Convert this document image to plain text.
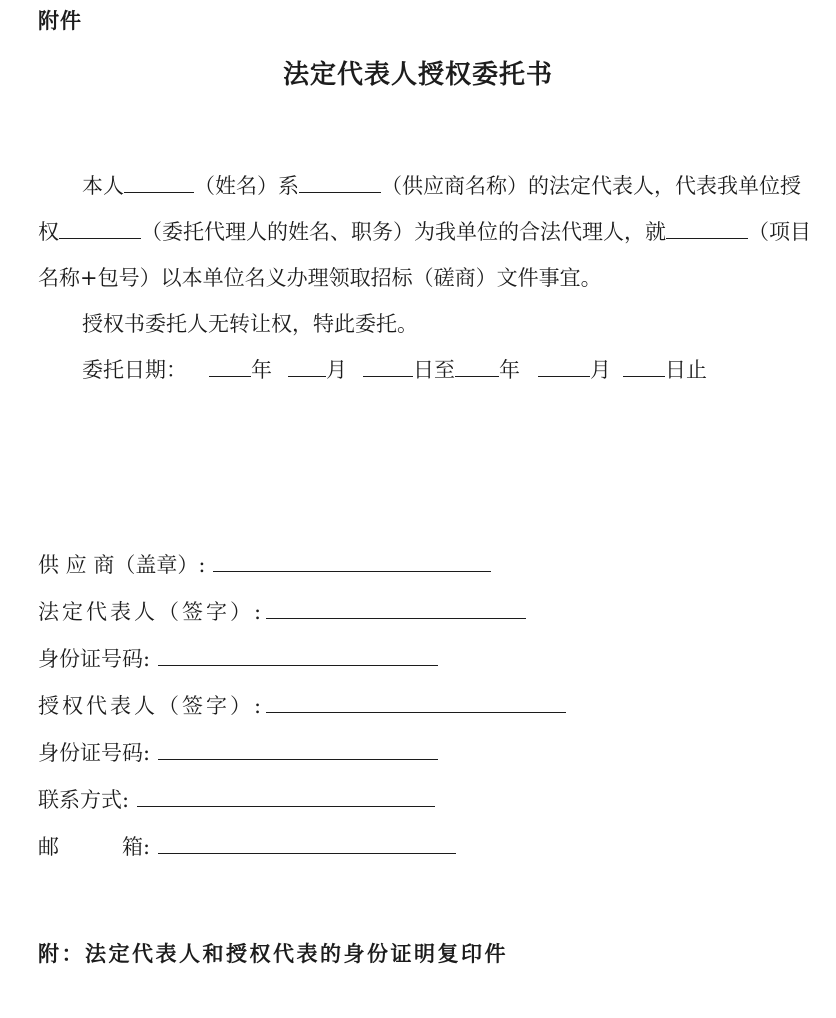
附件
法定代表人授权委托书
本人	（姓名）系	（供应商名称）的法定代表人，代表我单位授
权	（委托代理人的姓名、职务）为我单位的合法代理人，就	（项目
名称+包号）以本单位名义办理领取招标（磋商）文件事宜。
授权书委托人无转让权，特此委托。
委托日期：	年	月	日至 年	月	日止
供 应 商（盖章）:
法定代表人（签字）:
身份证号码:
授权代表人（签字）:
身份证号码:
联系方式:
邮　　　箱:
附：法定代表人和授权代表的身份证明复印件
